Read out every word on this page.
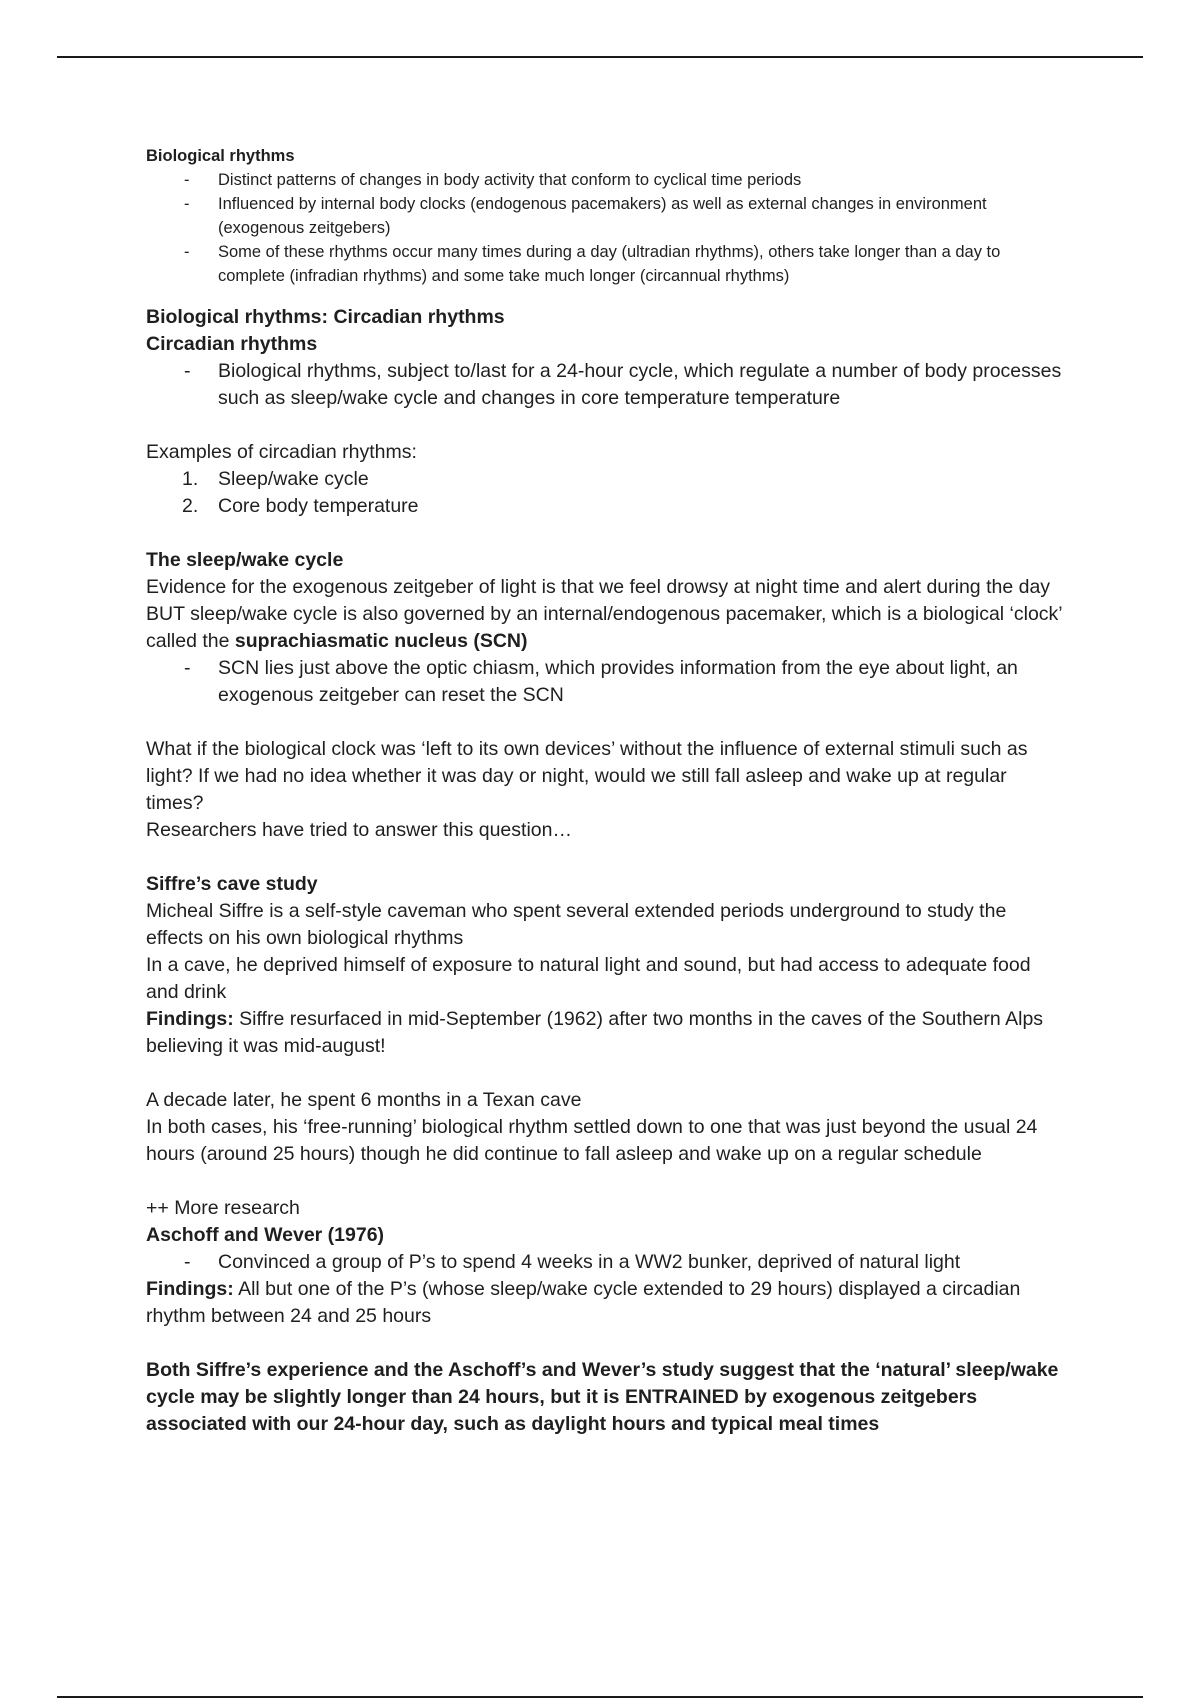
Biological rhythms

- Distinct patterns of changes in body activity that conform to cyclical time periods
- Influenced by internal body clocks (endogenous pacemakers) as well as external changes in environment (exogenous zeitgebers)
- Some of these rhythms occur many times during a day (ultradian rhythms), others take longer than a day to complete (infradian rhythms) and some take much longer (circannual rhythms)

Biological rhythms: Circadian rhythms

Circadian rhythms

- Biological rhythms, subject to/last for a 24-hour cycle, which regulate a number of body processes such as sleep/wake cycle and changes in core temperature temperature

Examples of circadian rhythms:

1. Sleep/wake cycle
2. Core body temperature

The sleep/wake cycle

Evidence for the exogenous zeitgeber of light is that we feel drowsy at night time and alert during the day

BUT sleep/wake cycle is also governed by an internal/endogenous pacemaker, which is a biological ‘clock’ called the suprachiasmatic nucleus (SCN)

- SCN lies just above the optic chiasm, which provides information from the eye about light, an exogenous zeitgeber can reset the SCN

What if the biological clock was ‘left to its own devices’ without the influence of external stimuli such as light? If we had no idea whether it was day or night, would we still fall asleep and wake up at regular times?

Researchers have tried to answer this question…

Siffre’s cave study

Micheal Siffre is a self-style caveman who spent several extended periods underground to study the effects on his own biological rhythms

In a cave, he deprived himself of exposure to natural light and sound, but had access to adequate food and drink

Findings: Siffre resurfaced in mid-September (1962) after two months in the caves of the Southern Alps believing it was mid-august!

A decade later, he spent 6 months in a Texan cave

In both cases, his ‘free-running’ biological rhythm settled down to one that was just beyond the usual 24 hours (around 25 hours) though he did continue to fall asleep and wake up on a regular schedule

++ More research

Aschoff and Wever (1976)

- Convinced a group of P’s to spend 4 weeks in a WW2 bunker, deprived of natural light

Findings: All but one of the P’s (whose sleep/wake cycle extended to 29 hours) displayed a circadian rhythm between 24 and 25 hours

Both Siffre’s experience and the Aschoff’s and Wever’s study suggest that the ‘natural’ sleep/wake cycle may be slightly longer than 24 hours, but it is ENTRAINED by exogenous zeitgebers associated with our 24-hour day, such as daylight hours and typical meal times
